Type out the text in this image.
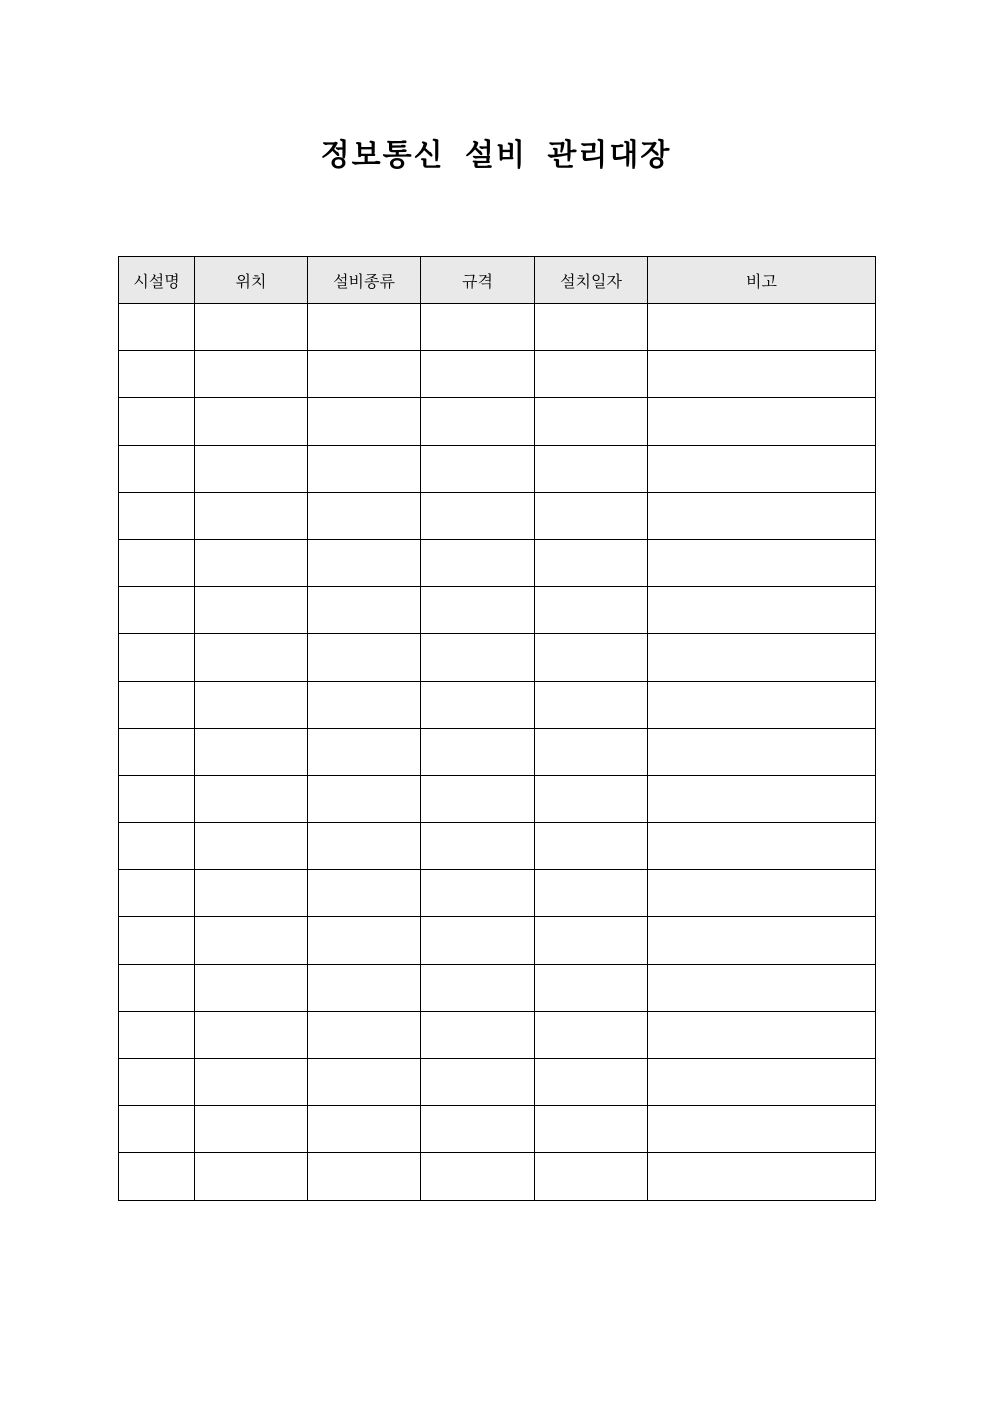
정보통신 설비 관리대장
시설명	위치	설비종류	규격	설치일자	비고
